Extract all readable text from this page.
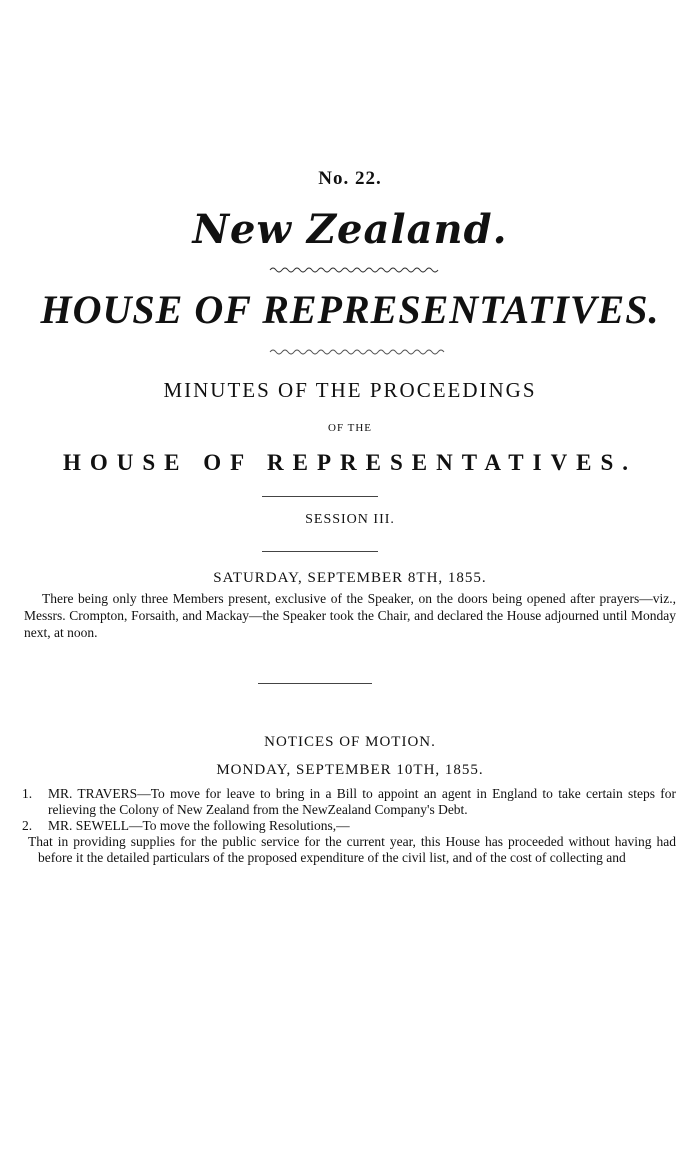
No. 22.
New Zealand.
HOUSE OF REPRESENTATIVES.
MINUTES OF THE PROCEEDINGS
OF THE
HOUSE OF REPRESENTATIVES.
SESSION III.
SATURDAY, SEPTEMBER 8TH, 1855.
There being only three Members present, exclusive of the Speaker, on the doors being opened after prayers—viz., Messrs. Crompton, Forsaith, and Mackay—the Speaker took the Chair, and declared the House adjourned until Monday next, at noon.
NOTICES OF MOTION.
MONDAY, SEPTEMBER 10TH, 1855.
1. MR. TRAVERS—To move for leave to bring in a Bill to appoint an agent in England to take certain steps for relieving the Colony of New Zealand from the NewZealand Company's Debt.
2. MR. SEWELL—To move the following Resolutions,—
That in providing supplies for the public service for the current year, this House has proceeded without having had before it the detailed particulars of the proposed expenditure of the civil list, and of the cost of collecting and
